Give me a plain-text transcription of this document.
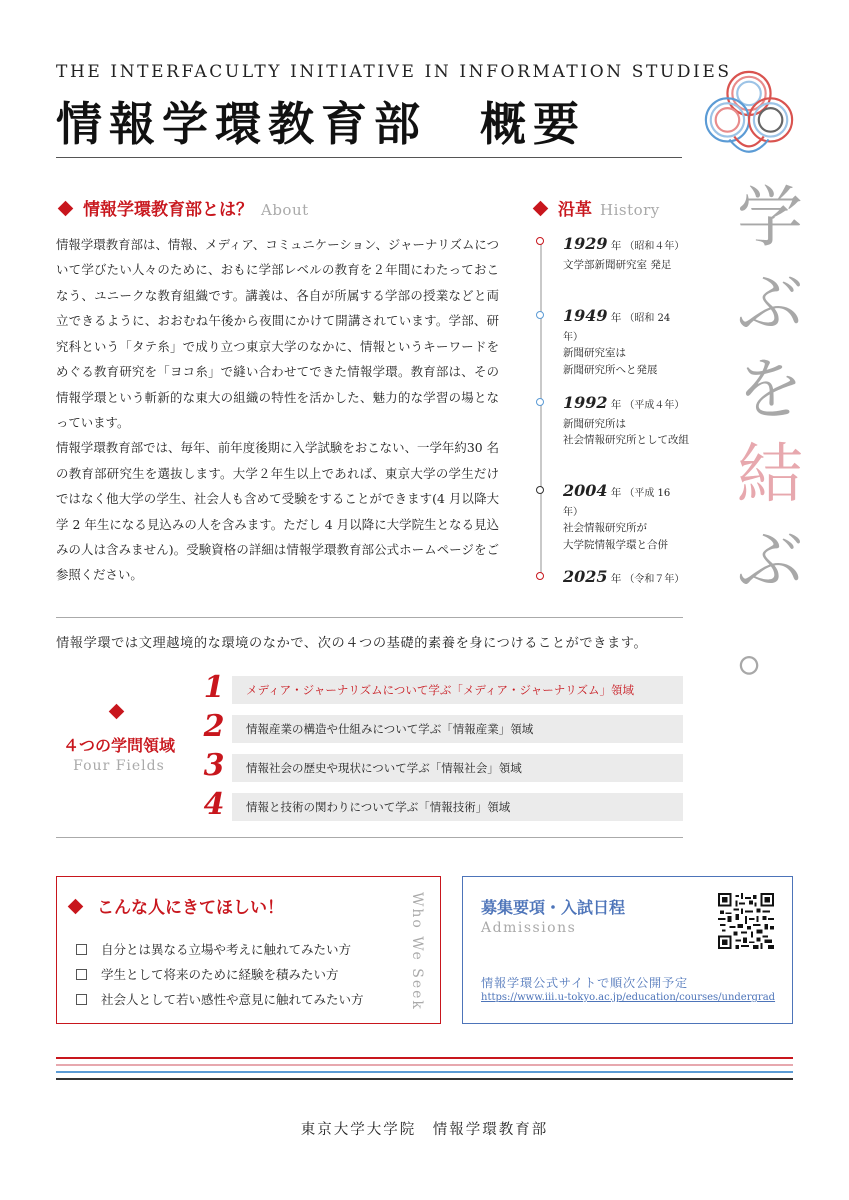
THE INTERFACULTY INITIATIVE IN INFORMATION STUDIES
情報学環教育部　概要
学
ぶ
を
結
ぶ
。
情報学環教育部とは？ About

情報学環教育部は、情報、メディア、コミュニケーション、ジャーナリズムについて学びたい人々のために、おもに学部レベルの教育を２年間にわたっておこなう、ユニークな教育組織です。講義は、各自が所属する学部の授業などと両立できるように、おおむね午後から夜間にかけて開講されています。学部、研究科という「タテ糸」で成り立つ東京大学のなかに、情報というキーワードをめぐる教育研究を「ヨコ糸」で縫い合わせてできた情報学環。教育部は、その情報学環という斬新的な東大の組織の特性を活かした、魅力的な学習の場となっています。

情報学環教育部では、毎年、前年度後期に入学試験をおこない、一学年約30 名の教育部研究生を選抜します。大学２年生以上であれば、東京大学の学生だけではなく他大学の学生、社会人も含めて受験をすることができます(4 月以降大学 2 年生になる見込みの人を含みます。ただし 4 月以降に大学院生となる見込みの人は含みません)。受験資格の詳細は情報学環教育部公式ホームページをご参照ください。

沿革 History
1929 年 （昭和４年）
文学部新聞研究室 発足
1949 年 （昭和 24 年）
新聞研究室は
新聞研究所へと発展
1992 年 （平成４年）
新聞研究所は
社会情報研究所として改組
2004 年 （平成 16 年）
社会情報研究所が
大学院情報学環と合併
2025 年 （令和７年）
情報学環では文理越境的な環境のなかで、次の４つの基礎的素養を身につけることができます。
４つの学問領域
Four Fields
1	メディア・ジャーナリズムについて学ぶ「メディア・ジャーナリズム」領域
2	情報産業の構造や仕組みについて学ぶ「情報産業」領域
3	情報社会の歴史や現状について学ぶ「情報社会」領域
4	情報と技術の関わりについて学ぶ「情報技術」領域
こんな人にきてほしい！
自分とは異なる立場や考えに触れてみたい方
学生として将来のために経験を積みたい方
社会人として若い感性や意見に触れてみたい方	Who We Seek	募集要項・入試日程
Admissions
情報学環公式サイトで順次公開予定
https://www.iii.u-tokyo.ac.jp/education/courses/undergrad
東京大学大学院　情報学環教育部
